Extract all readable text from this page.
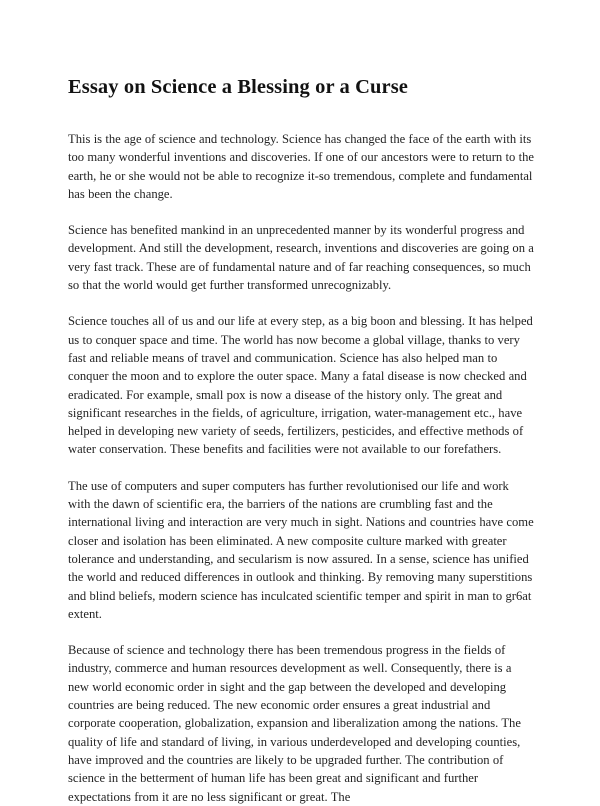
Essay on Science a Blessing or a Curse

This is the age of science and technology. Science has changed the face of the earth with its too many wonderful inventions and discoveries. If one of our ancestors were to return to the earth, he or she would not be able to recognize it-so tremendous, complete and fundamental has been the change.

Science has benefited mankind in an unprecedented manner by its wonderful progress and development. And still the development, research, inventions and discoveries are going on a very fast track. These are of fundamental nature and of far reaching consequences, so much so that the world would get further transformed unrecognizably.

Science touches all of us and our life at every step, as a big boon and blessing. It has helped us to conquer space and time. The world has now become a global village, thanks to very fast and reliable means of travel and communication. Science has also helped man to conquer the moon and to explore the outer space. Many a fatal disease is now checked and eradicated. For example, small pox is now a disease of the history only. The great and significant researches in the fields, of agriculture, irrigation, water-management etc., have helped in developing new variety of seeds, fertilizers, pesticides, and effective methods of water conservation. These benefits and facilities were not available to our forefathers.

The use of computers and super computers has further revolutionised our life and work with the dawn of scientific era, the barriers of the nations are crumbling fast and the international living and interaction are very much in sight. Nations and countries have come closer and isolation has been eliminated. A new composite culture marked with greater tolerance and understanding, and secularism is now assured. In a sense, science has unified the world and reduced differences in outlook and thinking. By removing many superstitions and blind beliefs, modern science has inculcated scientific temper and spirit in man to gr6at extent.

Because of science and technology there has been tremendous progress in the fields of industry, commerce and human resources development as well. Consequently, there is a new world economic order in sight and the gap between the developed and developing countries are being reduced. The new economic order ensures a great industrial and corporate cooperation, globalization, expansion and liberalization among the nations. The quality of life and standard of living, in various underdeveloped and developing counties, have improved and the countries are likely to be upgraded further. The contribution of science in the betterment of human life has been great and significant and further expectations from it are no less significant or great. The
